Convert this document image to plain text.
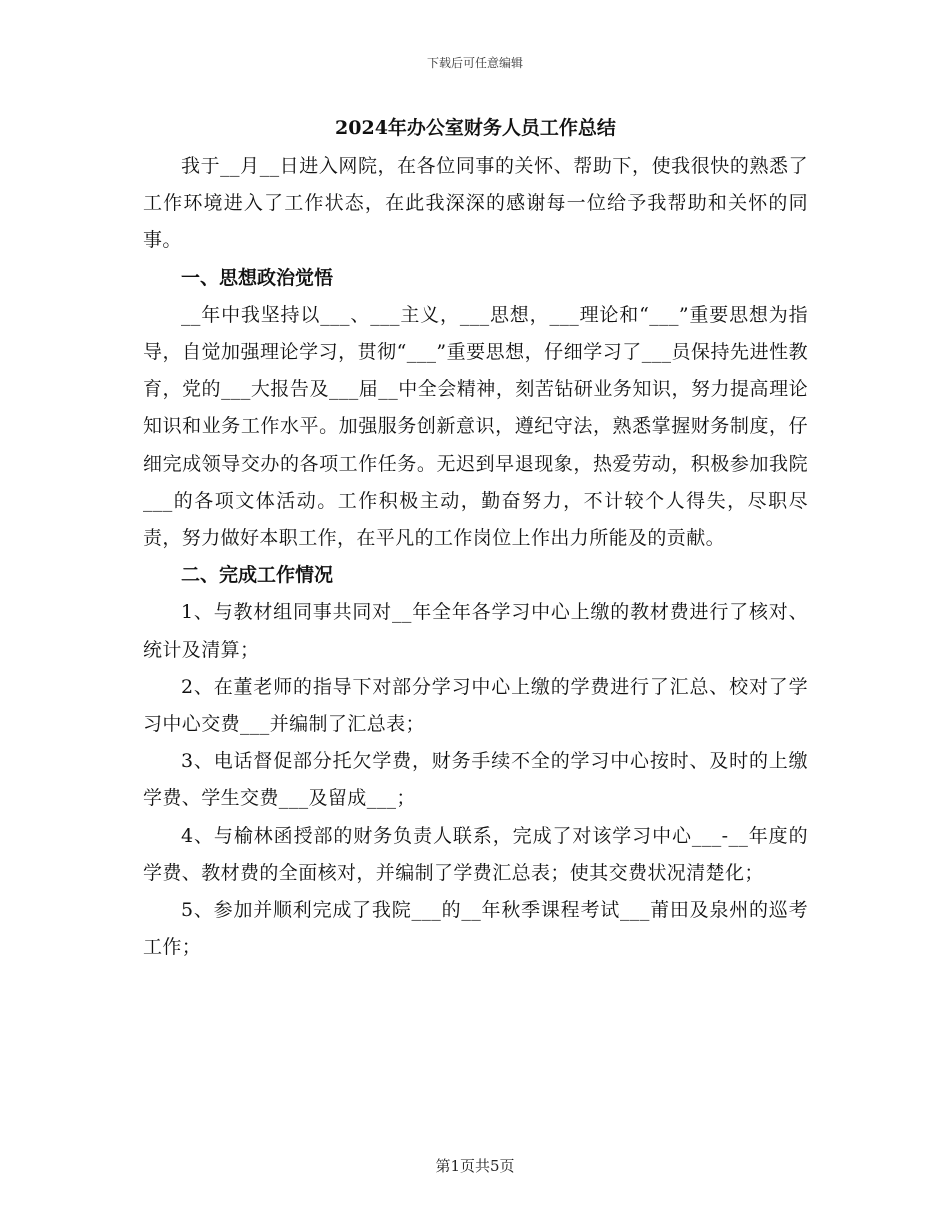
下载后可任意编辑
2024年办公室财务人员工作总结

我于__月__日进入网院，在各位同事的关怀、帮助下，使我很快的熟悉了工作环境进入了工作状态，在此我深深的感谢每一位给予我帮助和关怀的同事。

一、思想政治觉悟

__年中我坚持以___、___主义，___思想，___理论和“___”重要思想为指导，自觉加强理论学习，贯彻“___”重要思想，仔细学习了___员保持先进性教育，党的___大报告及___届__中全会精神，刻苦钻研业务知识，努力提高理论知识和业务工作水平。加强服务创新意识，遵纪守法，熟悉掌握财务制度，仔细完成领导交办的各项工作任务。无迟到早退现象，热爱劳动，积极参加我院___的各项文体活动。工作积极主动，勤奋努力，不计较个人得失，尽职尽责，努力做好本职工作，在平凡的工作岗位上作出力所能及的贡献。

二、完成工作情况

1、与教材组同事共同对__年全年各学习中心上缴的教材费进行了核对、统计及清算；

2、在董老师的指导下对部分学习中心上缴的学费进行了汇总、校对了学习中心交费___并编制了汇总表；

3、电话督促部分托欠学费，财务手续不全的学习中心按时、及时的上缴学费、学生交费___及留成___；

4、与榆林函授部的财务负责人联系，完成了对该学习中心___-__年度的学费、教材费的全面核对，并编制了学费汇总表；使其交费状况清楚化；

5、参加并顺利完成了我院___的__年秋季课程考试___莆田及泉州的巡考工作；

第1页共5页
